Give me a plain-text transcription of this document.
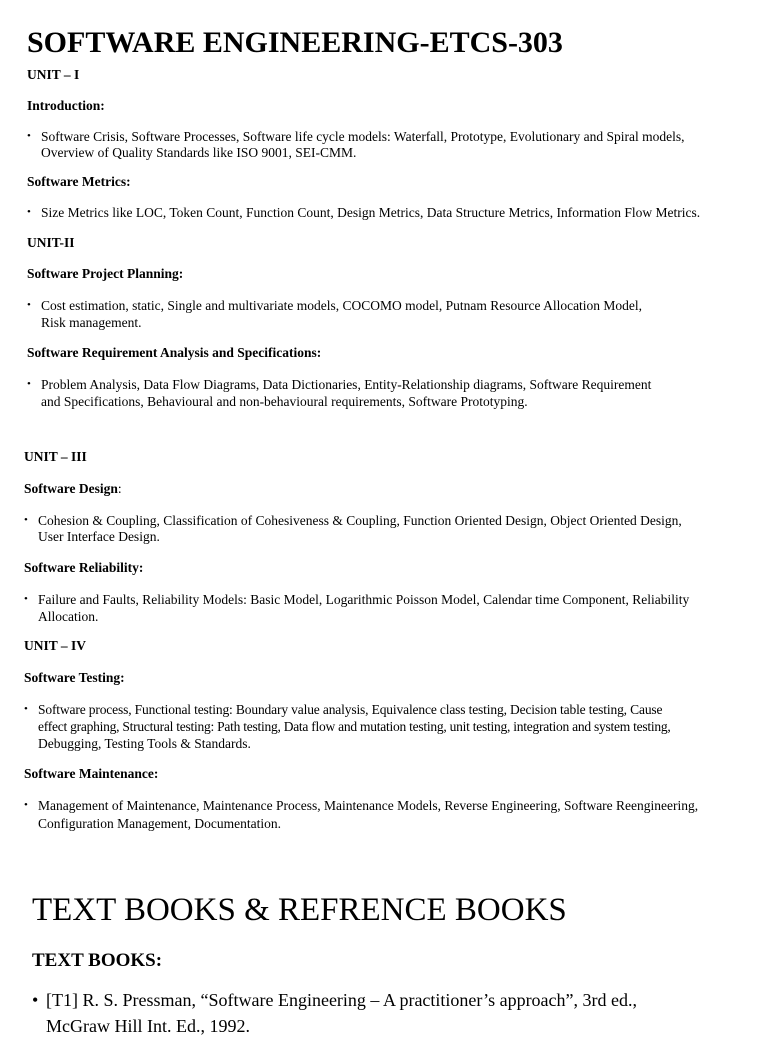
SOFTWARE ENGINEERING-ETCS-303
UNIT – I
Introduction:
• Software Crisis, Software Processes, Software life cycle models: Waterfall, Prototype, Evolutionary and Spiral models,
Overview of Quality Standards like ISO 9001, SEI-CMM.
Software Metrics:
• Size Metrics like LOC, Token Count, Function Count, Design Metrics, Data Structure Metrics, Information Flow Metrics.
UNIT-II
Software Project Planning:
• Cost estimation, static, Single and multivariate models, COCOMO model, Putnam Resource Allocation Model,
Risk management.
Software Requirement Analysis and Specifications:
• Problem Analysis, Data Flow Diagrams, Data Dictionaries, Entity-Relationship diagrams, Software Requirement
and Specifications, Behavioural and non-behavioural requirements, Software Prototyping.
UNIT – III
Software Design:
• Cohesion & Coupling, Classification of Cohesiveness & Coupling, Function Oriented Design, Object Oriented Design,
User Interface Design.
Software Reliability:
• Failure and Faults, Reliability Models: Basic Model, Logarithmic Poisson Model, Calendar time Component, Reliability
Allocation.
UNIT – IV
Software Testing:
• Software process, Functional testing: Boundary value analysis, Equivalence class testing, Decision table testing, Cause
effect graphing, Structural testing: Path testing, Data flow and mutation testing, unit testing, integration and system testing,
Debugging, Testing Tools & Standards.
Software Maintenance:
• Management of Maintenance, Maintenance Process, Maintenance Models, Reverse Engineering, Software Reengineering,
Configuration Management, Documentation.
TEXT BOOKS & REFRENCE BOOKS
TEXT BOOKS:
• [T1] R. S. Pressman, “Software Engineering – A practitioner’s approach”, 3rd ed.,
McGraw Hill Int. Ed., 1992.
